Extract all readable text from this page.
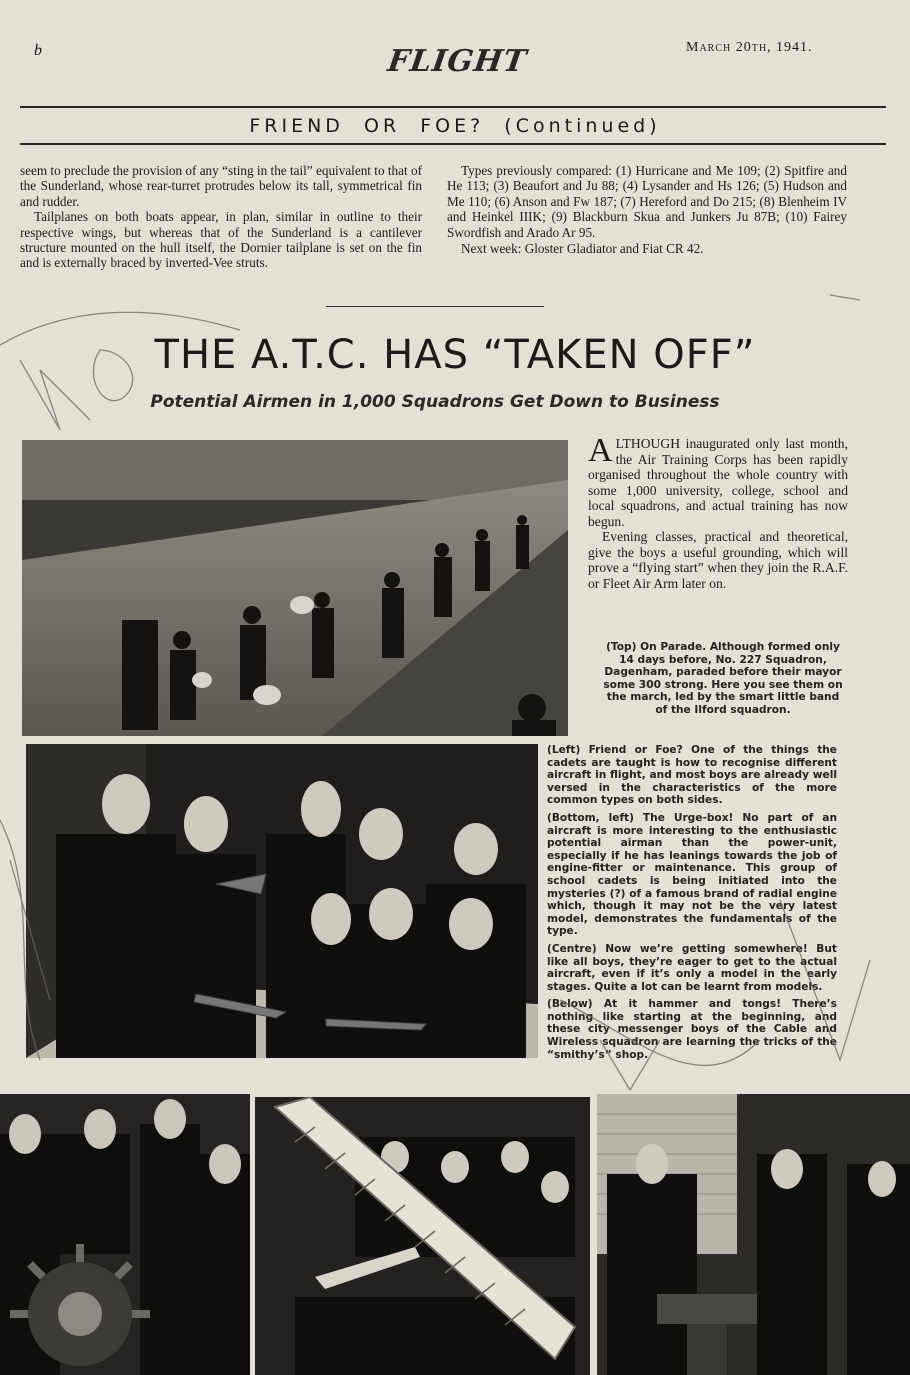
b	FLIGHT	March 20th, 1941.
FRIEND  OR  FOE?  (Continued)

seem to preclude the provision of any “sting in the tail” equivalent to that of the Sunderland, whose rear-turret protrudes below its tall, symmetrical fin and rudder.

Tailplanes on both boats appear, in plan, similar in outline to their respective wings, but whereas that of the Sunderland is a cantilever structure mounted on the hull itself, the Dornier tailplane is set on the fin and is externally braced by inverted-Vee struts.

Types previously compared: (1) Hurricane and Me 109; (2) Spitfire and He 113; (3) Beaufort and Ju 88; (4) Lysander and Hs 126; (5) Hudson and Me 110; (6) Anson and Fw 187; (7) Hereford and Do 215; (8) Blenheim IV and Heinkel IIIK; (9) Blackburn Skua and Junkers Ju 87B; (10) Fairey Swordfish and Arado Ar 95.

Next week: Gloster Gladiator and Fiat CR 42.

THE A.T.C. HAS “TAKEN OFF”
Potential Airmen in 1,000 Squadrons Get Down to Business

ALTHOUGH inaugurated only last month, the Air Training Corps has been rapidly organised throughout the whole country with some 1,000 university, college, school and local squadrons, and actual training has now begun.

Evening classes, practical and theoretical, give the boys a useful grounding, which will prove a “flying start” when they join the R.A.F. or Fleet Air Arm later on.

(Top) On Parade. Although formed only 14 days before, No. 227 Squadron, Dagenham, paraded before their mayor some 300 strong. Here you see them on the march, led by the smart little band of the Ilford squadron.

(Left) Friend or Foe? One of the things the cadets are taught is how to recognise different aircraft in flight, and most boys are already well versed in the characteristics of the more common types on both sides.

(Bottom, left) The Urge-box! No part of an aircraft is more interesting to the enthusiastic potential airman than the power-unit, especially if he has leanings towards the job of engine-fitter or maintenance. This group of school cadets is being initiated into the mysteries (?) of a famous brand of radial engine which, though it may not be the very latest model, demonstrates the fundamentals of the type.

(Centre) Now we’re getting somewhere! But like all boys, they’re eager to get to the actual aircraft, even if it’s only a model in the early stages. Quite a lot can be learnt from models.

(Below) At it hammer and tongs! There’s nothing like starting at the beginning, and these city messenger boys of the Cable and Wireless squadron are learning the tricks of the “smithy’s” shop.
